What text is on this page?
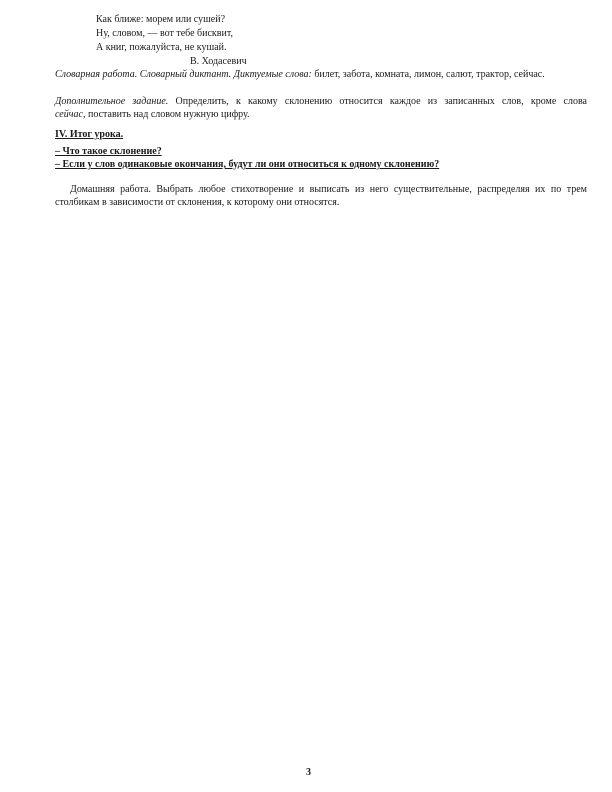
Как ближе: морем или сушей?
Ну, словом, — вот тебе бисквит,
А книг, пожалуйста, не кушай.
В. Ходасевич
Словарная работа. Словарный диктант. Диктуемые слова: билет, забота, комната, лимон, салют, трактор, сейчас.
Дополнительное задание. Определить, к какому склонению относится каждое из записанных слов, кроме слова
сейчас, поставить над словом нужную цифру.
IV. Итог урока.
– Что такое склонение?
– Если у слов одинаковые окончания, будут ли они относиться к одному склонению?
Домашняя работа. Выбрать любое стихотворение и выписать из него существительные, распределяя их по трем
столбикам в зависимости от склонения, к которому они относятся.
3
